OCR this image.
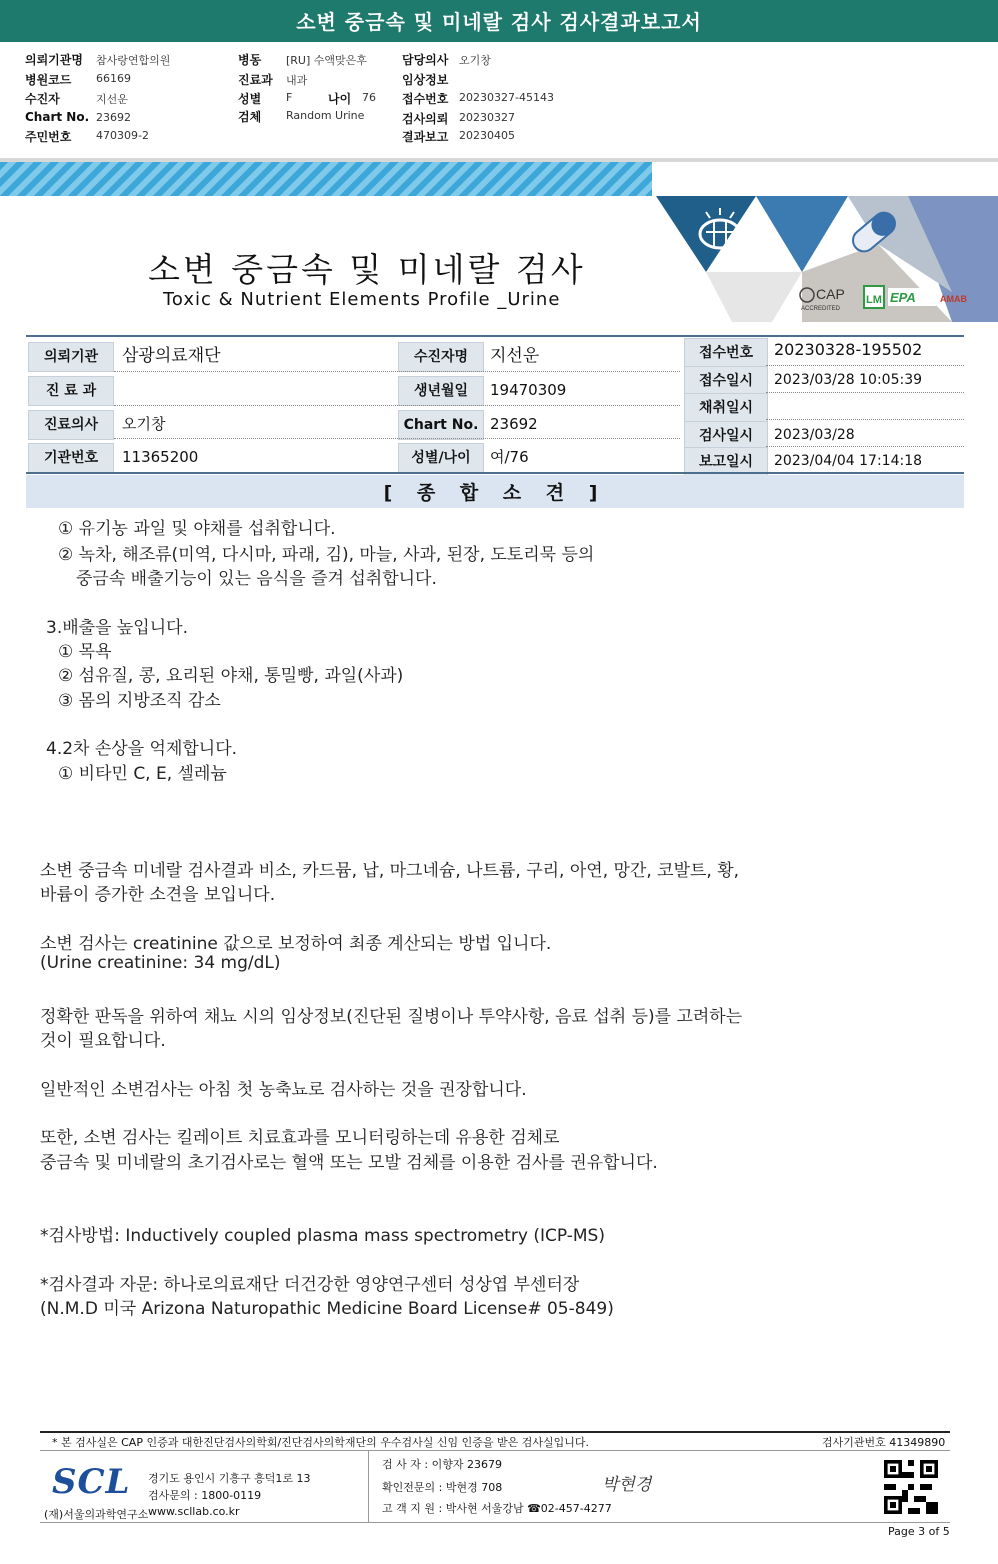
소변 중금속 및 미네랄 검사 검사결과보고서
의뢰기관명 참사랑연합의원
병원코드 66169
수진자	지선운
Chart No. 23692
주민번호 470309-2
병동 [RU] 수액맞은후
진료과 내과
성별 F	나이 76
검체 Random Urine
담당의사 오기창
임상정보
접수번호 20230327-45143
검사의뢰 20230327
결과보고 20230405
CAP
ACCREDITED
LM EPA	AMAB
소변 중금속 및 미네랄 검사
Toxic & Nutrient Elements Profile _Urine
의뢰기관	삼광의료재단
진 료 과
진료의사	오기창
기관번호	11365200
수진자명	지선운
생년월일	19470309
Chart No. 23692
성별/나이	여/76
접수번호	20230328-195502
접수일시	2023/03/28 10:05:39
채취일시
검사일시	2023/03/28
보고일시	2023/04/04 17:14:18
[ 종 합 소 견 ]
① 유기농 과일 및 야채를 섭취합니다.
② 녹차, 해조류(미역, 다시마, 파래, 김), 마늘, 사과, 된장, 도토리묵 등의
중금속 배출기능이 있는 음식을 즐겨 섭취합니다.
3.배출을 높입니다.
① 목욕
② 섬유질, 콩, 요리된 야채, 통밀빵, 과일(사과)
③ 몸의 지방조직 감소
4.2차 손상을 억제합니다.
① 비타민 C, E, 셀레늄
소변 중금속 미네랄 검사결과 비소, 카드뮴, 납, 마그네슘, 나트륨, 구리, 아연, 망간, 코발트, 황,
바륨이 증가한 소견을 보입니다.
소변 검사는 creatinine 값으로 보정하여 최종 계산되는 방법 입니다.
(Urine creatinine: 34 mg/dL)
정확한 판독을 위하여 채뇨 시의 임상정보(진단된 질병이나 투약사항, 음료 섭취 등)를 고려하는
것이 필요합니다.
일반적인 소변검사는 아침 첫 농축뇨로 검사하는 것을 권장합니다.
또한, 소변 검사는 킬레이트 치료효과를 모니터링하는데 유용한 검체로
중금속 및 미네랄의 초기검사로는 혈액 또는 모발 검체를 이용한 검사를 권유합니다.
*검사방법: Inductively coupled plasma mass spectrometry (ICP-MS)
*검사결과 자문: 하나로의료재단 더건강한 영양연구센터 성상엽 부센터장
(N.M.D 미국 Arizona Naturopathic Medicine Board License# 05-849)
* 본 검사실은 CAP 인증과 대한진단검사의학회/진단검사의학재단의 우수검사실 신임 인증을 받은 검사실입니다.	검사기관번호 41349890
SCL
(재)서울의과학연구소
경기도 용인시 기흥구 흥덕1로 13
검사문의 : 1800-0119
www.scllab.co.kr
검 사 자 : 이향자 23679
확인전문의 : 박현경 708
고 객 지 원 : 박사현 서울강남 ☎02-457-4277
박현경
Page 3 of 5
